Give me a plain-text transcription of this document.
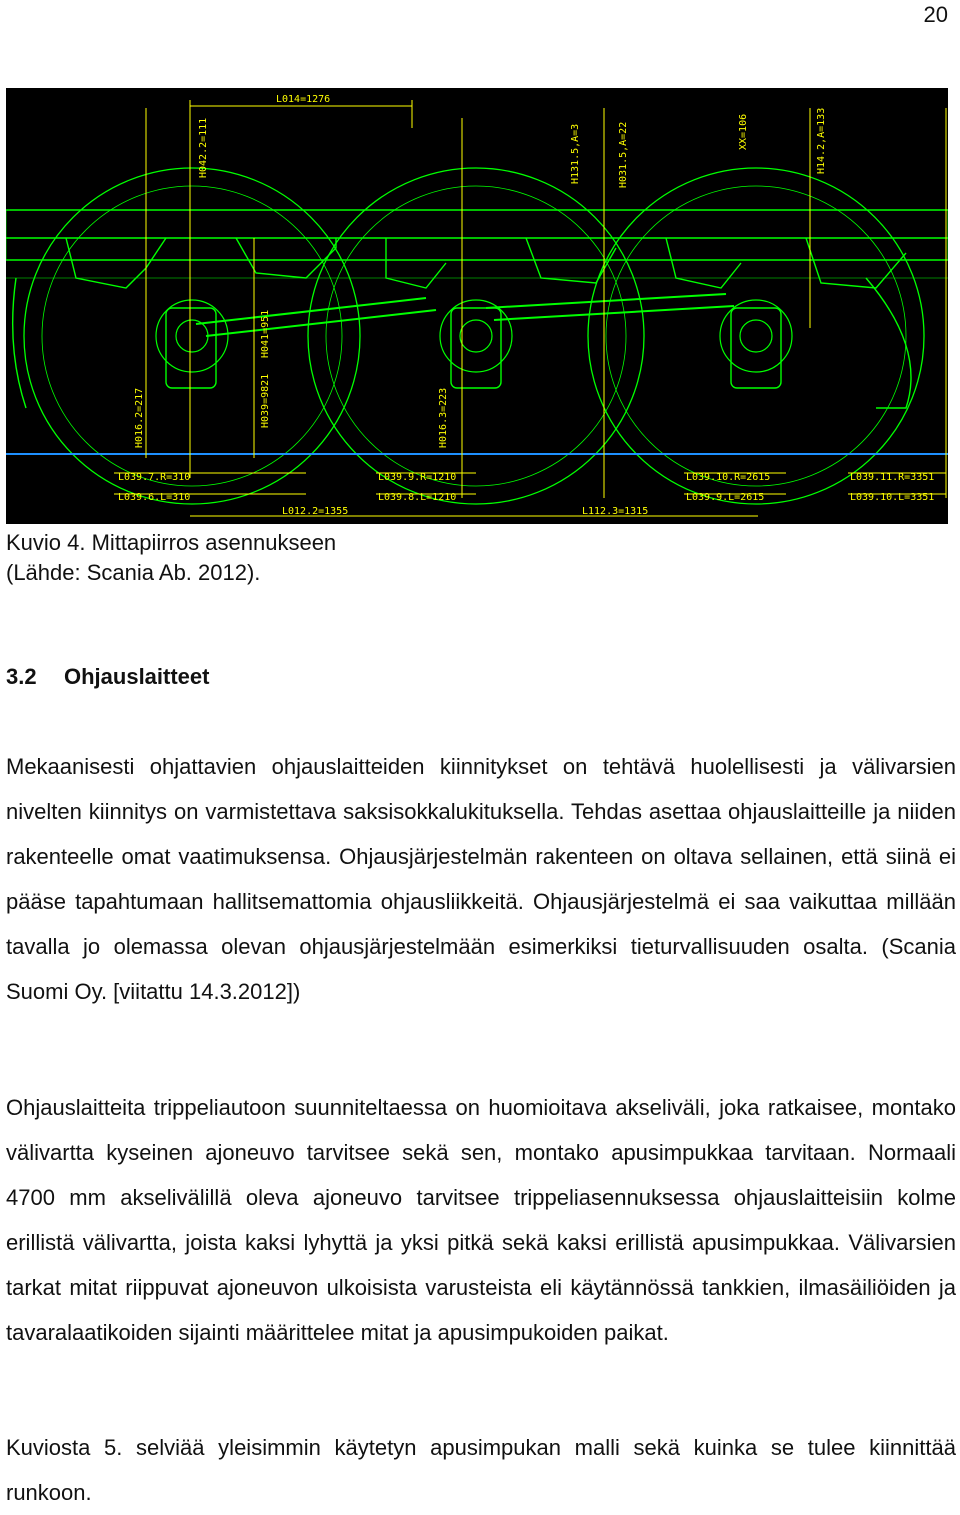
20
L014=1276
H042.2=111	H131.5,A=3	H031.5,A=22	XX=106	H14.2,A=133
H041=951
H039=9821
H016.2=217	H016.3=223
L039.7.R=310
L039.6.L=310
L039.9.R=1210
L039.8.L=1210
L039.10.R=2615
L039.9.L=2615
L039.11.R=3351
L039.10.L=3351
L012.2=1355	L112.3=1315
Kuvio 4. Mittapiirros asennukseen
(Lähde: Scania Ab. 2012).
3.2 Ohjauslaitteet

Mekaanisesti ohjattavien ohjauslaitteiden kiinnitykset on tehtävä huolellisesti ja välivarsien nivelten kiinnitys on varmistettava saksisokkalukituksella. Tehdas asettaa ohjauslaitteille ja niiden rakenteelle omat vaatimuksensa. Ohjausjärjestelmän rakenteen on oltava sellainen, että siinä ei pääse tapahtumaan hallitsemattomia ohjausliikkeitä. Ohjausjärjestelmä ei saa vaikuttaa millään tavalla jo olemassa olevan ohjausjärjestelmään esimerkiksi tieturvallisuuden osalta. (Scania Suomi Oy. [viitattu 14.3.2012])

Ohjauslaitteita trippeliautoon suunniteltaessa on huomioitava akseliväli, joka ratkaisee, montako välivartta kyseinen ajoneuvo tarvitsee sekä sen, montako apusimpukkaa tarvitaan. Normaali 4700 mm akselivälillä oleva ajoneuvo tarvitsee trippeliasennuksessa ohjauslaitteisiin kolme erillistä välivartta, joista kaksi lyhyttä ja yksi pitkä sekä kaksi erillistä apusimpukkaa. Välivarsien tarkat mitat riippuvat ajoneuvon ulkoisista varusteista eli käytännössä tankkien, ilmasäiliöiden ja tavaralaatikoiden sijainti määrittelee mitat ja apusimpukoiden paikat.

Kuviosta 5. selviää yleisimmin käytetyn apusimpukan malli sekä kuinka se tulee kiinnittää runkoon.
